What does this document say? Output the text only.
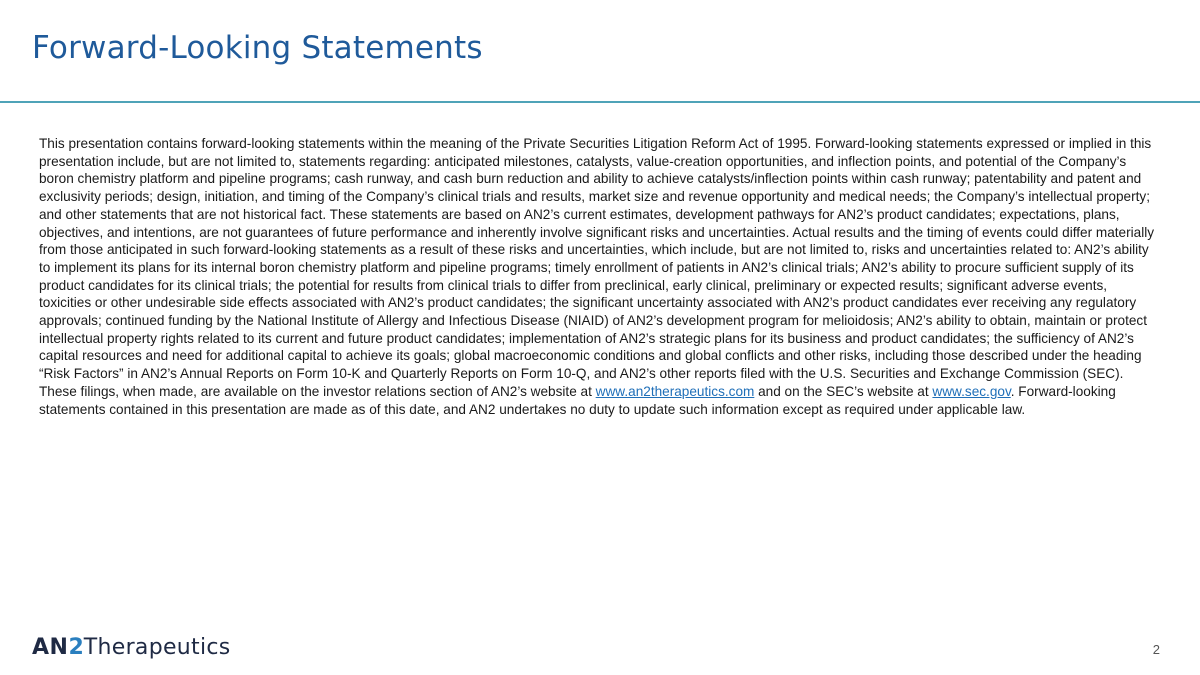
Forward-Looking Statements

This presentation contains forward-looking statements within the meaning of the Private Securities Litigation Reform Act of 1995. Forward-looking statements expressed or implied in this presentation include, but are not limited to, statements regarding: anticipated milestones, catalysts, value-creation opportunities, and inflection points, and potential of the Company’s boron chemistry platform and pipeline programs; cash runway, and cash burn reduction and ability to achieve catalysts/inflection points within cash runway; patentability and patent and exclusivity periods; design, initiation, and timing of the Company’s clinical trials and results, market size and revenue opportunity and medical needs; the Company’s intellectual property; and other statements that are not historical fact. These statements are based on AN2’s current estimates, development pathways for AN2’s product candidates; expectations, plans, objectives, and intentions, are not guarantees of future performance and inherently involve significant risks and uncertainties. Actual results and the timing of events could differ materially from those anticipated in such forward-looking statements as a result of these risks and uncertainties, which include, but are not limited to, risks and uncertainties related to: AN2’s ability to implement its plans for its internal boron chemistry platform and pipeline programs; timely enrollment of patients in AN2’s clinical trials; AN2’s ability to procure sufficient supply of its product candidates for its clinical trials; the potential for results from clinical trials to differ from preclinical, early clinical, preliminary or expected results; significant adverse events, toxicities or other undesirable side effects associated with AN2’s product candidates; the significant uncertainty associated with AN2’s product candidates ever receiving any regulatory approvals; continued funding by the National Institute of Allergy and Infectious Disease (NIAID) of AN2’s development program for melioidosis; AN2’s ability to obtain, maintain or protect intellectual property rights related to its current and future product candidates; implementation of AN2’s strategic plans for its business and product candidates; the sufficiency of AN2’s capital resources and need for additional capital to achieve its goals; global macroeconomic conditions and global conflicts and other risks, including those described under the heading “Risk Factors” in AN2’s Annual Reports on Form 10-K and Quarterly Reports on Form 10-Q, and AN2’s other reports filed with the U.S. Securities and Exchange Commission (SEC). These filings, when made, are available on the investor relations section of AN2’s website at www.an2therapeutics.com and on the SEC’s website at www.sec.gov. Forward-looking statements contained in this presentation are made as of this date, and AN2 undertakes no duty to update such information except as required under applicable law.

AN2Therapeutics	2
